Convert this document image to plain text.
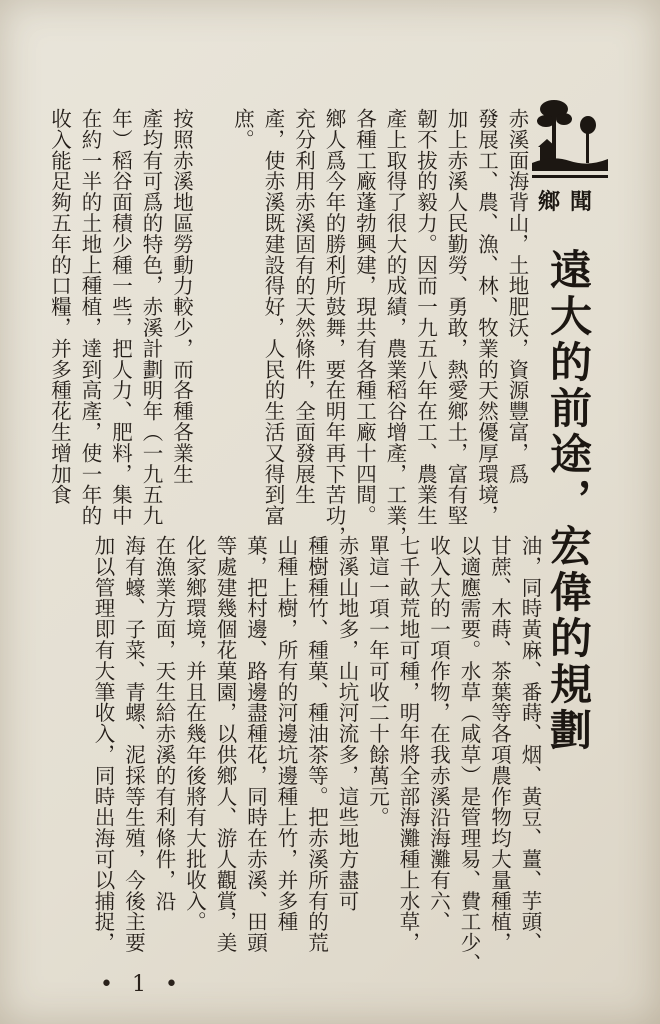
鄉聞
遠大的前途，宏偉的規劃
赤溪面海背山，土地肥沃，資源豐富，爲
發展工、農、漁、林、牧業的天然優厚環境，
加上赤溪人民勤勞、勇敢，熱愛鄉土，富有堅
韌不拔的毅力。因而一九五八年在工、農業生
產上取得了很大的成績，農業稻谷增產，工業，
各種工廠蓬勃興建，現共有各種工廠十四間。
鄉人爲今年的勝利所鼓舞，要在明年再下苦功，
充分利用赤溪固有的天然條件，全面發展生
產，使赤溪既建設得好，人民的生活又得到富
庶。

按照赤溪地區勞動力較少，而各種各業生
產均有可爲的特色，赤溪計劃明年（一九五九
年）稻谷面積少種一些，把人力、肥料，集中
在約一半的土地上種植，達到高產，使一年的
收入能足夠五年的口糧，并多種花生增加食
油，同時黃麻、番蒔、烟、黃豆、薑、芋頭、
甘蔗、木蒔、茶葉等各項農作物均大量種植，
以適應需要。水草（咸草）是管理易、費工少、
收入大的一項作物，在我赤溪沿海灘有六、
七千畝荒地可種，明年將全部海灘種上水草，
單這一項一年可收二十餘萬元。
赤溪山地多，山坑河流多，這些地方盡可
種樹種竹、種菓、種油茶等。把赤溪所有的荒
山種上樹，所有的河邊坑邊種上竹，并多種
菓，把村邊、路邊盡種花，同時在赤溪、田頭
等處建幾個花菓園，以供鄉人、游人觀賞，美
化家鄉環境，并且在幾年後將有大批收入。
在漁業方面，天生給赤溪的有利條件，沿
海有蠔、子菜、青螺、泥採等生殖，今後主要
加以管理即有大筆收入，同時出海可以捕捉，
• 1 •
